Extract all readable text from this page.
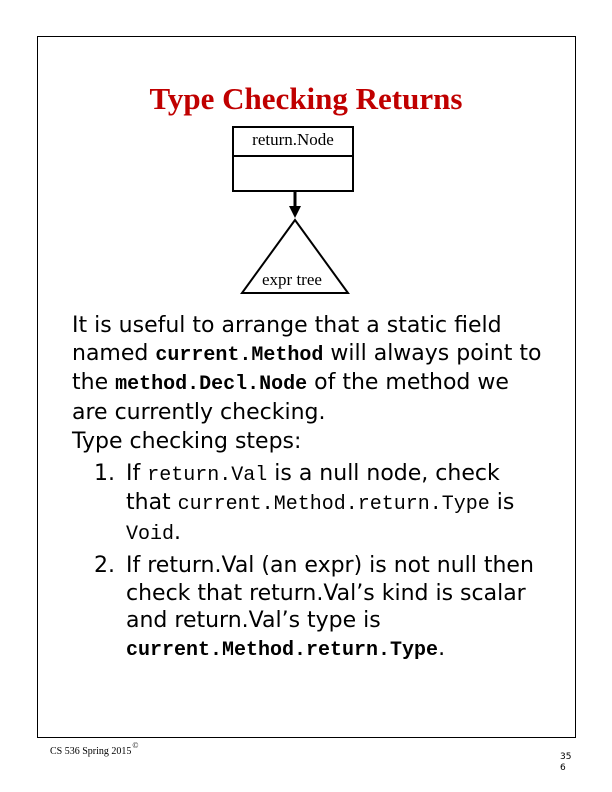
Type Checking Returns
return.Node
expr tree

It is useful to arrange that a static field named current.Method will always point to the method.Decl.Node of the method we are currently checking.

Type checking steps:

1. If return.Val is a null node, check that current.Method.return.Type is Void.

2. If return.Val (an expr) is not null then check that return.Val’s kind is scalar and return.Val’s type is current.Method.return.Type.

CS 536 Spring 2015©
35
6
